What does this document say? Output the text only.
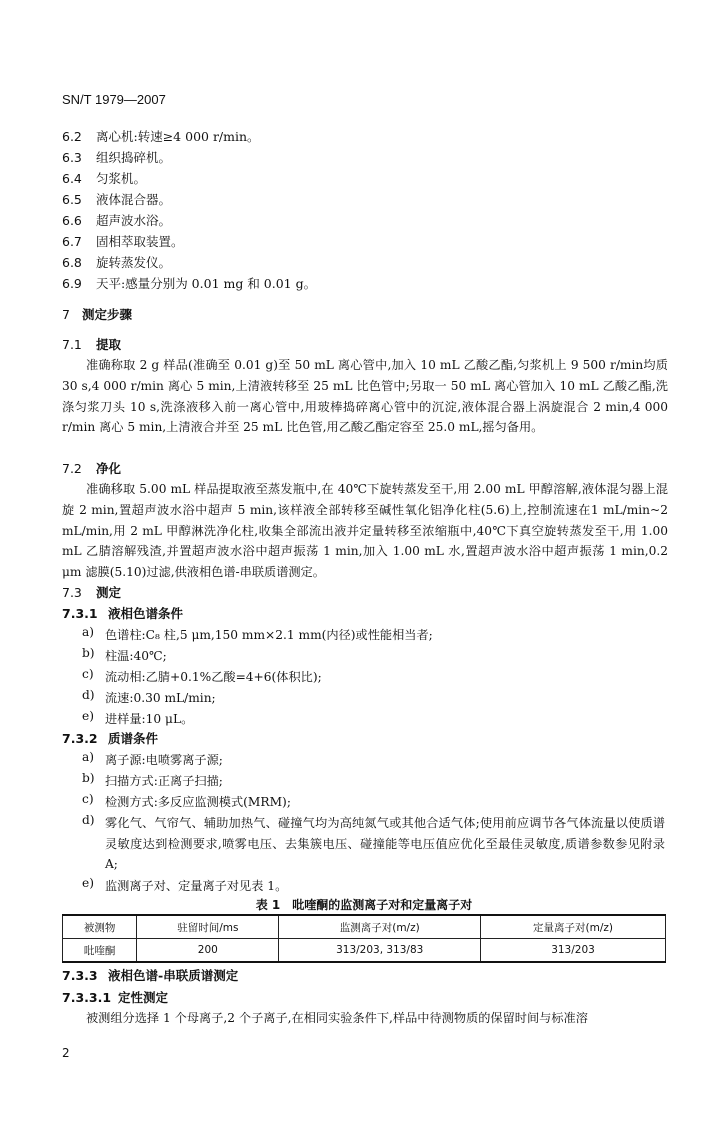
SN/T 1979—2007
6.2 离心机:转速≥4 000 r/min。
6.3 组织捣碎机。
6.4 匀浆机。
6.5 液体混合器。
6.6 超声波水浴。
6.7 固相萃取装置。
6.8 旋转蒸发仪。
6.9 天平:感量分别为 0.01 mg 和 0.01 g。
7 测定步骤
7.1 提取
准确称取 2 g 样品(准确至 0.01 g)至 50 mL 离心管中,加入 10 mL 乙酸乙酯,匀浆机上 9 500 r/min均质 30 s,4 000 r/min 离心 5 min,上清液转移至 25 mL 比色管中;另取一 50 mL 离心管加入 10 mL 乙酸乙酯,洗涤匀浆刀头 10 s,洗涤液移入前一离心管中,用玻棒捣碎离心管中的沉淀,液体混合器上涡旋混合 2 min,4 000 r/min 离心 5 min,上清液合并至 25 mL 比色管,用乙酸乙酯定容至 25.0 mL,摇匀备用。
7.2 净化
准确移取 5.00 mL 样品提取液至蒸发瓶中,在 40℃下旋转蒸发至干,用 2.00 mL 甲醇溶解,液体混匀器上混旋 2 min,置超声波水浴中超声 5 min,该样液全部转移至碱性氧化铝净化柱(5.6)上,控制流速在1 mL/min~2 mL/min,用 2 mL 甲醇淋洗净化柱,收集全部流出液并定量转移至浓缩瓶中,40℃下真空旋转蒸发至干,用 1.00 mL 乙腈溶解残渣,并置超声波水浴中超声振荡 1 min,加入 1.00 mL 水,置超声波水浴中超声振荡 1 min,0.2 μm 滤膜(5.10)过滤,供液相色谱-串联质谱测定。
7.3 测定
7.3.1 液相色谱条件
a) 色谱柱:C₈ 柱,5 μm,150 mm×2.1 mm(内径)或性能相当者;
b) 柱温:40℃;
c) 流动相:乙腈+0.1%乙酸=4+6(体积比);
d) 流速:0.30 mL/min;
e) 进样量:10 μL。
7.3.2 质谱条件
a) 离子源:电喷雾离子源;
b) 扫描方式:正离子扫描;
c) 检测方式:多反应监测模式(MRM);
d) 雾化气、气帘气、辅助加热气、碰撞气均为高纯氮气或其他合适气体;使用前应调节各气体流量以使质谱灵敏度达到检测要求,喷雾电压、去集簇电压、碰撞能等电压值应优化至最佳灵敏度,质谱参数参见附录 A;
e) 监测离子对、定量离子对见表 1。
表 1　吡喹酮的监测离子对和定量离子对
被测物	驻留时间/ms	监测离子对(m/z)	定量离子对(m/z)
吡喹酮	200	313/203, 313/83	313/203
7.3.3 液相色谱-串联质谱测定
7.3.3.1 定性测定
被测组分选择 1 个母离子,2 个子离子,在相同实验条件下,样品中待测物质的保留时间与标准溶
2
